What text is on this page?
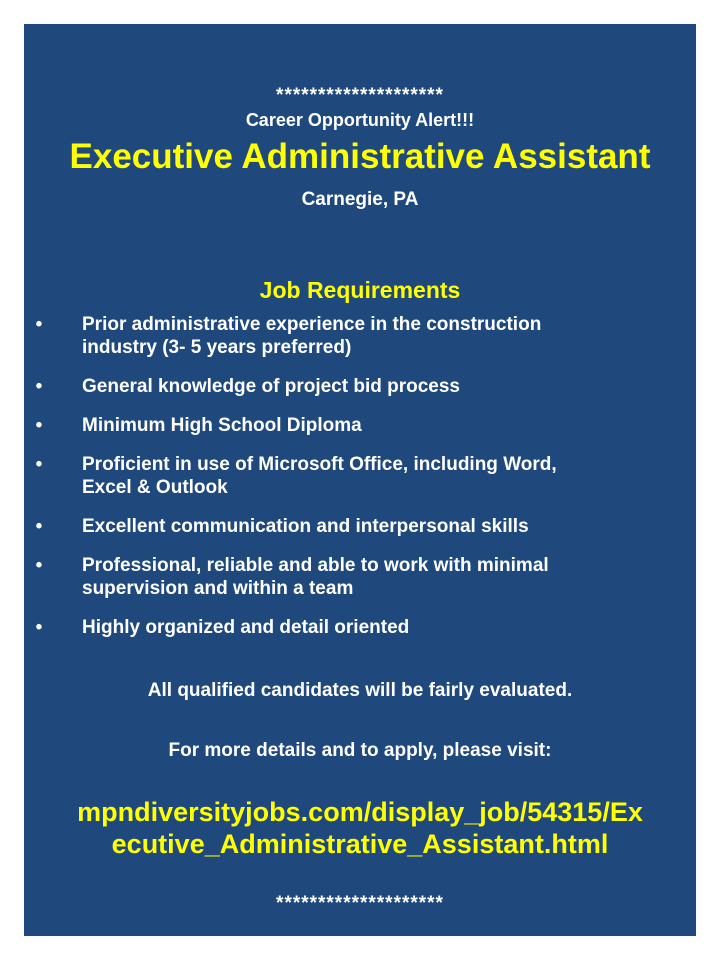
********************
Career Opportunity Alert!!!
Executive Administrative Assistant
Carnegie, PA
Job Requirements
• Prior administrative experience in the construction
industry (3- 5 years preferred)
• General knowledge of project bid process
• Minimum High School Diploma
• Proficient in use of Microsoft Office, including Word,
Excel & Outlook
• Excellent communication and interpersonal skills
• Professional, reliable and able to work with minimal
supervision and within a team
• Highly organized and detail oriented
All qualified candidates will be fairly evaluated.
For more details and to apply, please visit:
mpndiversityjobs.com/display_job/54315/Ex
ecutive_Administrative_Assistant.html
********************
